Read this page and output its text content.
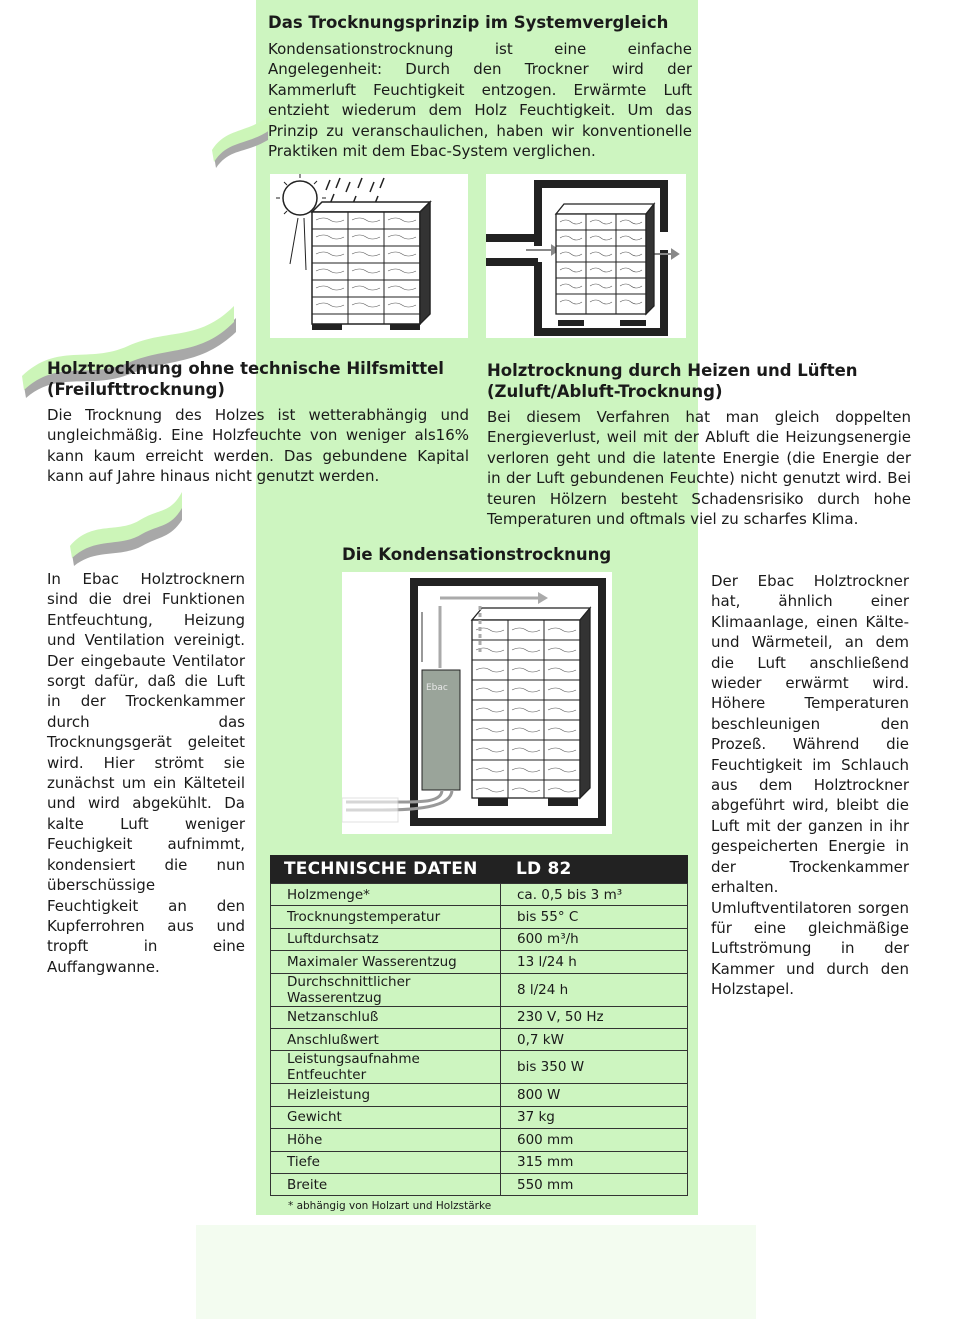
Das Trocknungsprinzip im Systemvergleich

Kondensationstrocknung ist eine einfache Angelegenheit: Durch den Trockner wird der Kammerluft Feuchtigkeit entzogen. Erwärmte Luft entzieht wiederum dem Holz Feuchtigkeit. Um das Prinzip zu veranschaulichen, haben wir konventionelle Praktiken mit dem Ebac-System verglichen.

Holztrocknung ohne technische Hilfsmittel
(Freilufttrocknung)

Die Trocknung des Holzes ist wetterabhängig und ungleichmäßig. Eine Holzfeuchte von weniger als16% kann kaum erreicht werden. Das gebundene Kapital kann auf Jahre hinaus nicht genutzt werden.

Holztrocknung durch Heizen und Lüften
(Zuluft/Abluft-Trocknung)

Bei diesem Verfahren hat man gleich doppelten Energieverlust, weil mit der Abluft die Heizungsenergie verloren geht und die latente Energie (die Energie der in der Luft gebundenen Feuchte) nicht genutzt wird. Bei teuren Hölzern besteht Schadensrisiko durch hohe Temperaturen und oftmals viel zu scharfes Klima.

Die Kondensationstrocknung
Ebac

In Ebac Holztrocknern sind die drei Funktionen Entfeuchtung, Heizung und Ventilation vereinigt. Der eingebaute Ventilator sorgt dafür, daß die Luft in der Trockenkammer durch das Trocknungsgerät geleitet wird. Hier strömt sie zunächst um ein Kälteteil und wird abgekühlt. Da kalte Luft weniger Feuchigkeit aufnimmt, kondensiert die nun überschüssige Feuchtigkeit an den Kupferrohren aus und tropft in eine Auffangwanne.

Der Ebac Holztrockner hat, ähnlich einer Klimaanlage, einen Kälte- und Wärmeteil, an dem die Luft anschließend wieder erwärmt wird. Höhere Temperaturen beschleunigen den Prozeß. Während die Feuchtigkeit im Schlauch aus dem Holztrockner abgeführt wird, bleibt die Luft mit der ganzen in ihr gespeicherten Energie in der Trockenkammer erhalten. Umluftventilatoren sorgen für eine gleichmäßige Luftströmung in der Kammer und durch den Holzstapel.

TECHNISCHE DATEN	LD 82
Holzmenge*	ca. 0,5 bis 3 m³
Trocknungstemperatur	bis 55° C
Luftdurchsatz	600 m³/h
Maximaler Wasserentzug	13 l/24 h
Durchschnittlicher Wasserentzug	8 l/24 h
Netzanschluß	230 V, 50 Hz
Anschlußwert	0,7 kW
Leistungsaufnahme Entfeuchter	bis 350 W
Heizleistung	800 W
Gewicht	37 kg
Höhe	600 mm
Tiefe	315 mm
Breite	550 mm
* abhängig von Holzart und Holzstärke
